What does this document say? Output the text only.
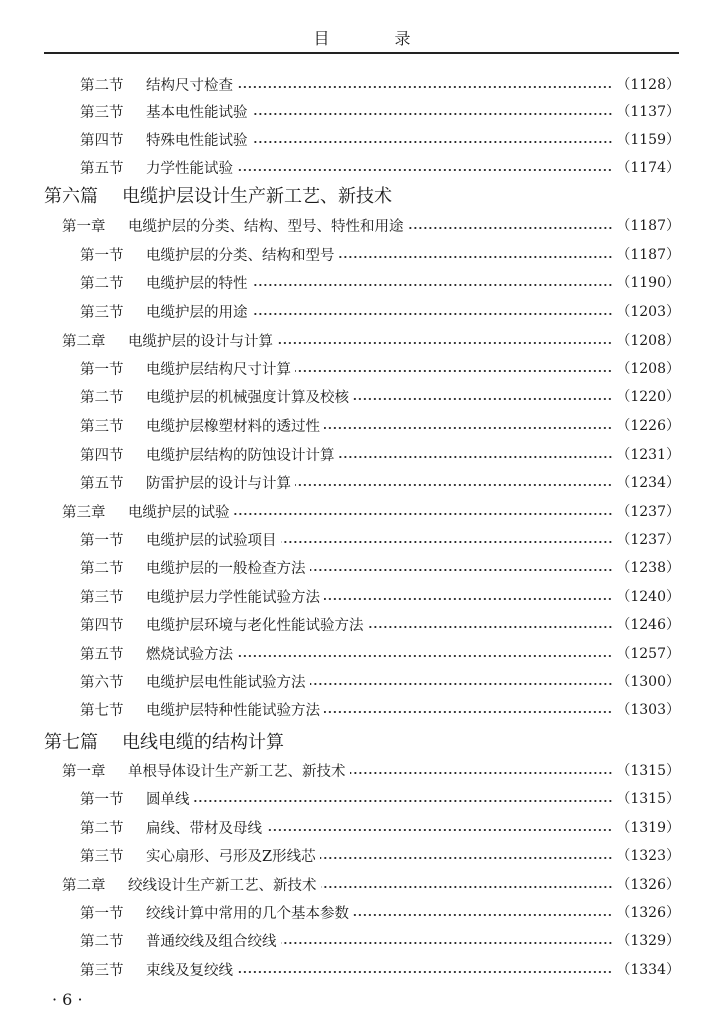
目 录
第二节	结构尺寸检查	（1128）
第三节	基本电性能试验	（1137）
第四节	特殊电性能试验	（1159）
第五节	力学性能试验	（1174）
第六篇	电缆护层设计生产新工艺、新技术
第一章	电缆护层的分类、结构、型号、特性和用途	（1187）
第一节	电缆护层的分类、结构和型号	（1187）
第二节	电缆护层的特性	（1190）
第三节	电缆护层的用途	（1203）
第二章	电缆护层的设计与计算	（1208）
第一节	电缆护层结构尺寸计算	（1208）
第二节	电缆护层的机械强度计算及校核	（1220）
第三节	电缆护层橡塑材料的透过性	（1226）
第四节	电缆护层结构的防蚀设计计算	（1231）
第五节	防雷护层的设计与计算	（1234）
第三章	电缆护层的试验	（1237）
第一节	电缆护层的试验项目	（1237）
第二节	电缆护层的一般检查方法	（1238）
第三节	电缆护层力学性能试验方法	（1240）
第四节	电缆护层环境与老化性能试验方法	（1246）
第五节	燃烧试验方法	（1257）
第六节	电缆护层电性能试验方法	（1300）
第七节	电缆护层特种性能试验方法	（1303）
第七篇	电线电缆的结构计算
第一章	单根导体设计生产新工艺、新技术	（1315）
第一节	圆单线	（1315）
第二节	扁线、带材及母线	（1319）
第三节	实心扇形、弓形及Z形线芯	（1323）
第二章	绞线设计生产新工艺、新技术	（1326）
第一节	绞线计算中常用的几个基本参数	（1326）
第二节	普通绞线及组合绞线	（1329）
第三节	束线及复绞线	（1334）
· 6 ·
